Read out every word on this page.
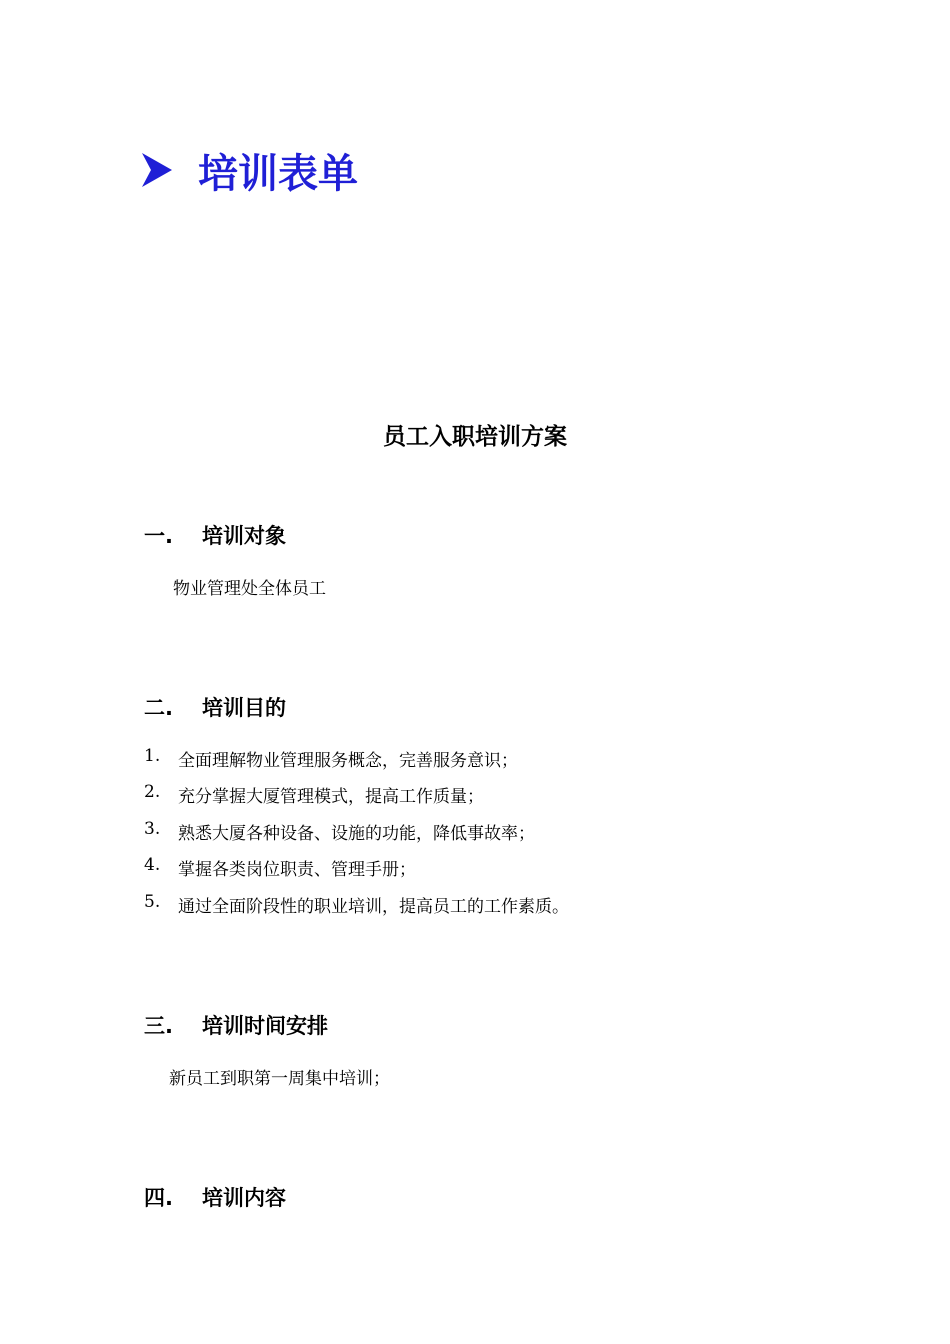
培训表单
员工入职培训方案
一.	培训对象
物业管理处全体员工
二.	培训目的
1.	全面理解物业管理服务概念，完善服务意识；
2.	充分掌握大厦管理模式，提高工作质量；
3.	熟悉大厦各种设备、设施的功能，降低事故率；
4.	掌握各类岗位职责、管理手册；
5.	通过全面阶段性的职业培训，提高员工的工作素质。
三.	培训时间安排
新员工到职第一周集中培训；
四.	培训内容
